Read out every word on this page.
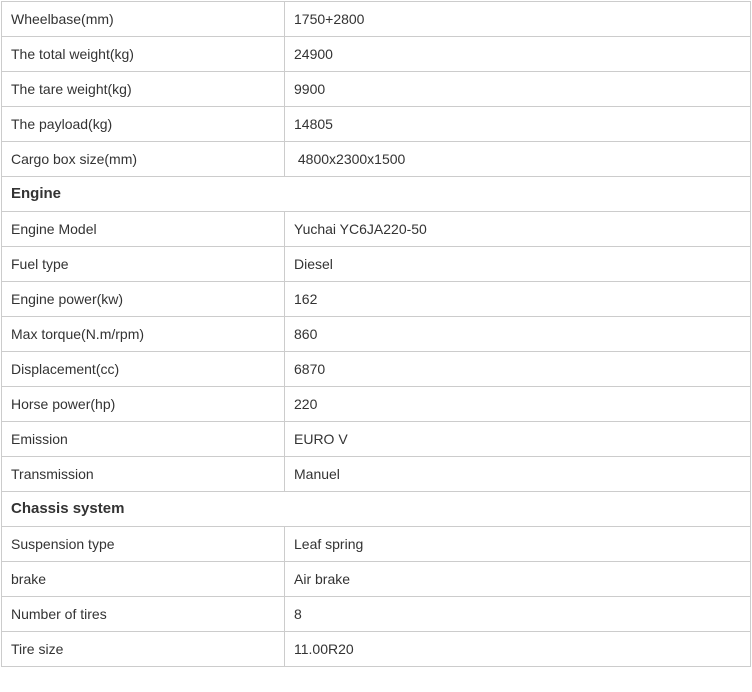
Wheelbase(mm)	1750+2800
The total weight(kg)	24900
The tare weight(kg)	9900
The payload(kg)	14805
Cargo box size(mm)	4800x2300x1500
Engine	
Engine Model	Yuchai YC6JA220-50
Fuel type	Diesel
Engine power(kw)	162
Max torque(N.m/rpm)	860
Displacement(cc)	6870
Horse power(hp)	220
Emission	EURO V
Transmission	Manuel
Chassis system	
Suspension type	Leaf spring
brake	Air brake
Number of tires	8
Tire size	11.00R20
